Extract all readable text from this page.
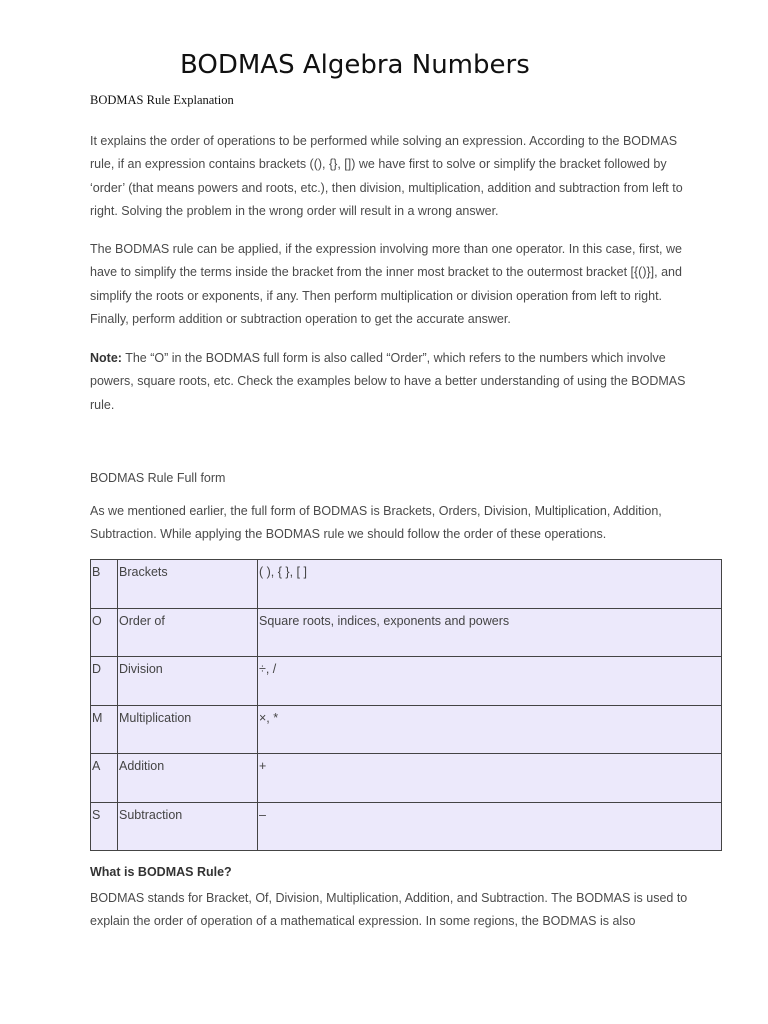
BODMAS Algebra Numbers

BODMAS Rule Explanation

It explains the order of operations to be performed while solving an expression. According to the BODMAS rule, if an expression contains brackets ((), {}, []) we have first to solve or simplify the bracket followed by ‘order’ (that means powers and roots, etc.), then division, multiplication, addition and subtraction from left to right. Solving the problem in the wrong order will result in a wrong answer.

The BODMAS rule can be applied, if the expression involving more than one operator. In this case, first, we have to simplify the terms inside the bracket from the inner most bracket to the outermost bracket [{()}], and simplify the roots or exponents, if any. Then perform multiplication or division operation from left to right. Finally, perform addition or subtraction operation to get the accurate answer.

Note: The “O” in the BODMAS full form is also called “Order”, which refers to the numbers which involve powers, square roots, etc. Check the examples below to have a better understanding of using the BODMAS rule.

BODMAS Rule Full form

As we mentioned earlier, the full form of BODMAS is Brackets, Orders, Division, Multiplication, Addition, Subtraction. While applying the BODMAS rule we should follow the order of these operations.

B	Brackets	( ), { }, [ ]
O	Order of	Square roots, indices, exponents and powers
D	Division	÷, /
M	Multiplication	×, *
A	Addition	+
S	Subtraction	–

What is BODMAS Rule?

BODMAS stands for Bracket, Of, Division, Multiplication, Addition, and Subtraction. The BODMAS is used to explain the order of operation of a mathematical expression. In some regions, the BODMAS is also
